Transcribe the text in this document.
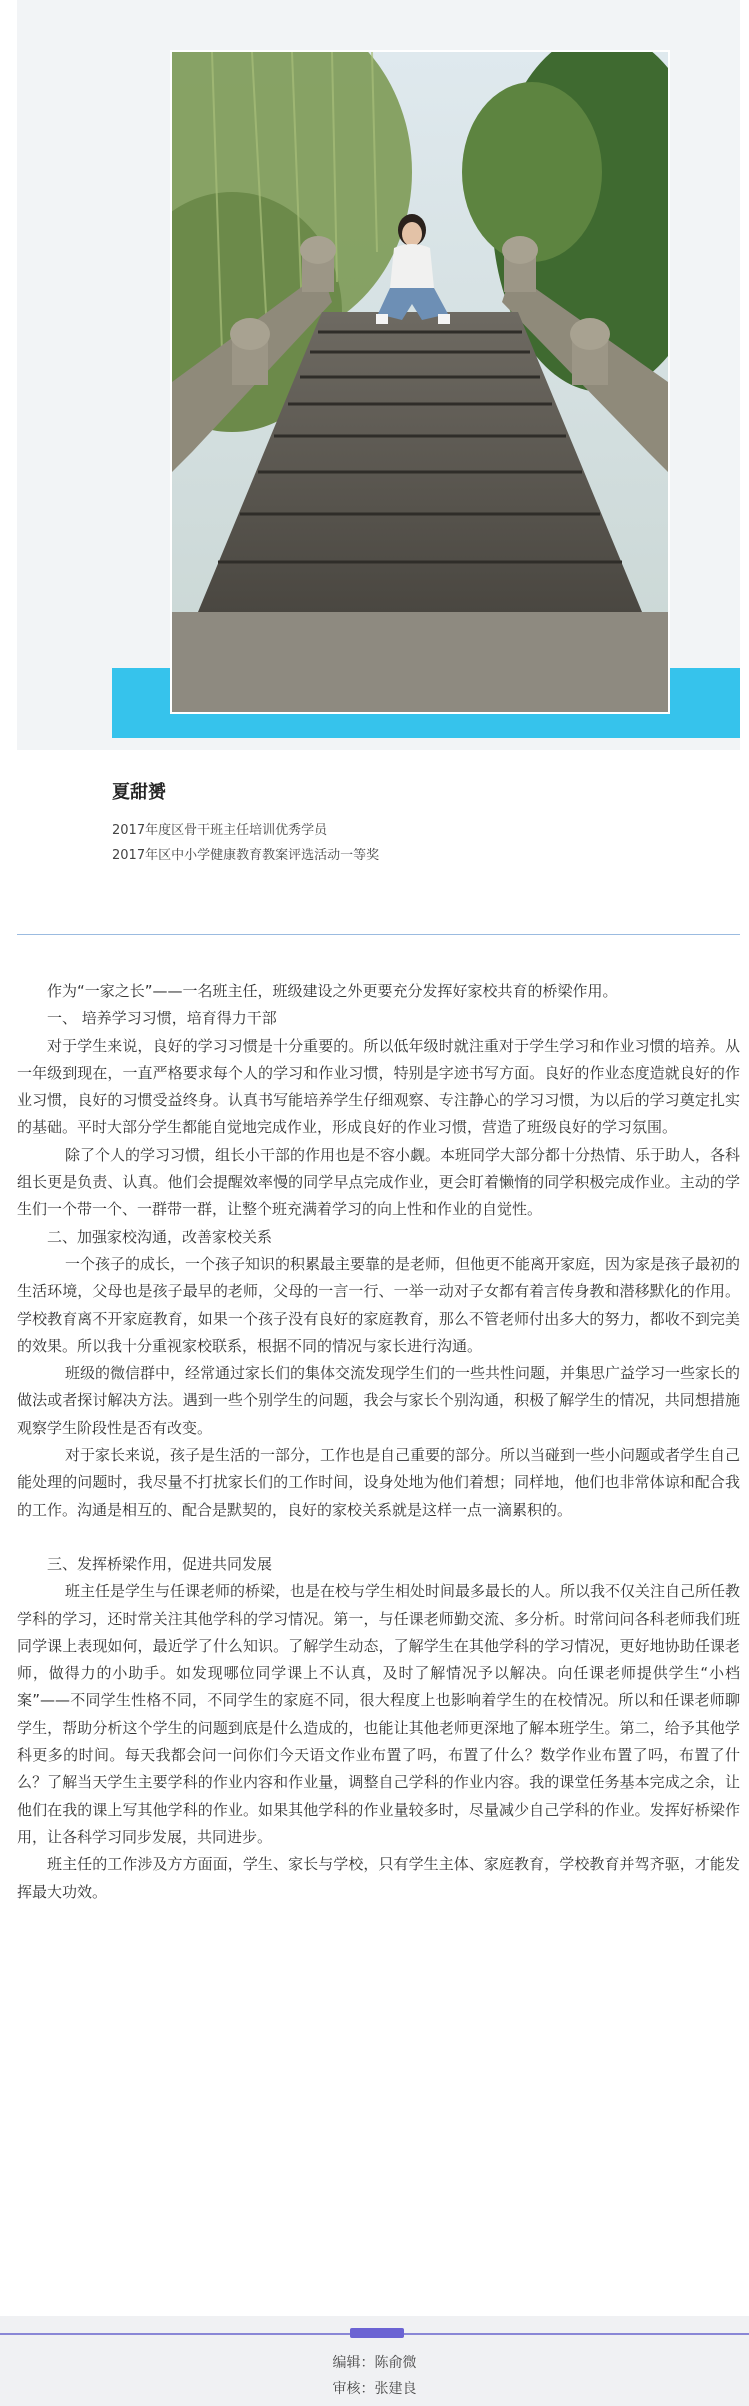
夏甜赟
2017年度区骨干班主任培训优秀学员
2017年区中小学健康教育教案评选活动一等奖

作为“一家之长”——一名班主任，班级建设之外更要充分发挥好家校共育的桥梁作用。

一、 培养学习习惯，培育得力干部

对于学生来说，良好的学习习惯是十分重要的。所以低年级时就注重对于学生学习和作业习惯的培养。从一年级到现在，一直严格要求每个人的学习和作业习惯，特别是字迹书写方面。良好的作业态度造就良好的作业习惯，良好的习惯受益终身。认真书写能培养学生仔细观察、专注静心的学习习惯，为以后的学习奠定扎实的基础。平时大部分学生都能自觉地完成作业，形成良好的作业习惯，营造了班级良好的学习氛围。

除了个人的学习习惯，组长小干部的作用也是不容小觑。本班同学大部分都十分热情、乐于助人，各科组长更是负责、认真。他们会提醒效率慢的同学早点完成作业，更会盯着懒惰的同学积极完成作业。主动的学生们一个带一个、一群带一群，让整个班充满着学习的向上性和作业的自觉性。

二、加强家校沟通，改善家校关系

一个孩子的成长，一个孩子知识的积累最主要靠的是老师，但他更不能离开家庭，因为家是孩子最初的生活环境，父母也是孩子最早的老师，父母的一言一行、一举一动对子女都有着言传身教和潜移默化的作用。学校教育离不开家庭教育，如果一个孩子没有良好的家庭教育，那么不管老师付出多大的努力，都收不到完美的效果。所以我十分重视家校联系，根据不同的情况与家长进行沟通。

班级的微信群中，经常通过家长们的集体交流发现学生们的一些共性问题，并集思广益学习一些家长的做法或者探讨解决方法。遇到一些个别学生的问题，我会与家长个别沟通，积极了解学生的情况，共同想措施观察学生阶段性是否有改变。

对于家长来说，孩子是生活的一部分，工作也是自己重要的部分。所以当碰到一些小问题或者学生自己能处理的问题时，我尽量不打扰家长们的工作时间，设身处地为他们着想；同样地，他们也非常体谅和配合我的工作。沟通是相互的、配合是默契的，良好的家校关系就是这样一点一滴累积的。

三、发挥桥梁作用，促进共同发展

班主任是学生与任课老师的桥梁，也是在校与学生相处时间最多最长的人。所以我不仅关注自己所任教学科的学习，还时常关注其他学科的学习情况。第一，与任课老师勤交流、多分析。时常问问各科老师我们班同学课上表现如何，最近学了什么知识。了解学生动态，了解学生在其他学科的学习情况，更好地协助任课老师，做得力的小助手。如发现哪位同学课上不认真，及时了解情况予以解决。向任课老师提供学生“小档案”——不同学生性格不同，不同学生的家庭不同，很大程度上也影响着学生的在校情况。所以和任课老师聊学生，帮助分析这个学生的问题到底是什么造成的，也能让其他老师更深地了解本班学生。第二，给予其他学科更多的时间。每天我都会问一问你们今天语文作业布置了吗，布置了什么？数学作业布置了吗，布置了什么？了解当天学生主要学科的作业内容和作业量，调整自己学科的作业内容。我的课堂任务基本完成之余，让他们在我的课上写其他学科的作业。如果其他学科的作业量较多时，尽量减少自己学科的作业。发挥好桥梁作用，让各科学习同步发展，共同进步。

班主任的工作涉及方方面面，学生、家长与学校，只有学生主体、家庭教育，学校教育并驾齐驱，才能发挥最大功效。

编辑：陈俞微
审核：张建良
